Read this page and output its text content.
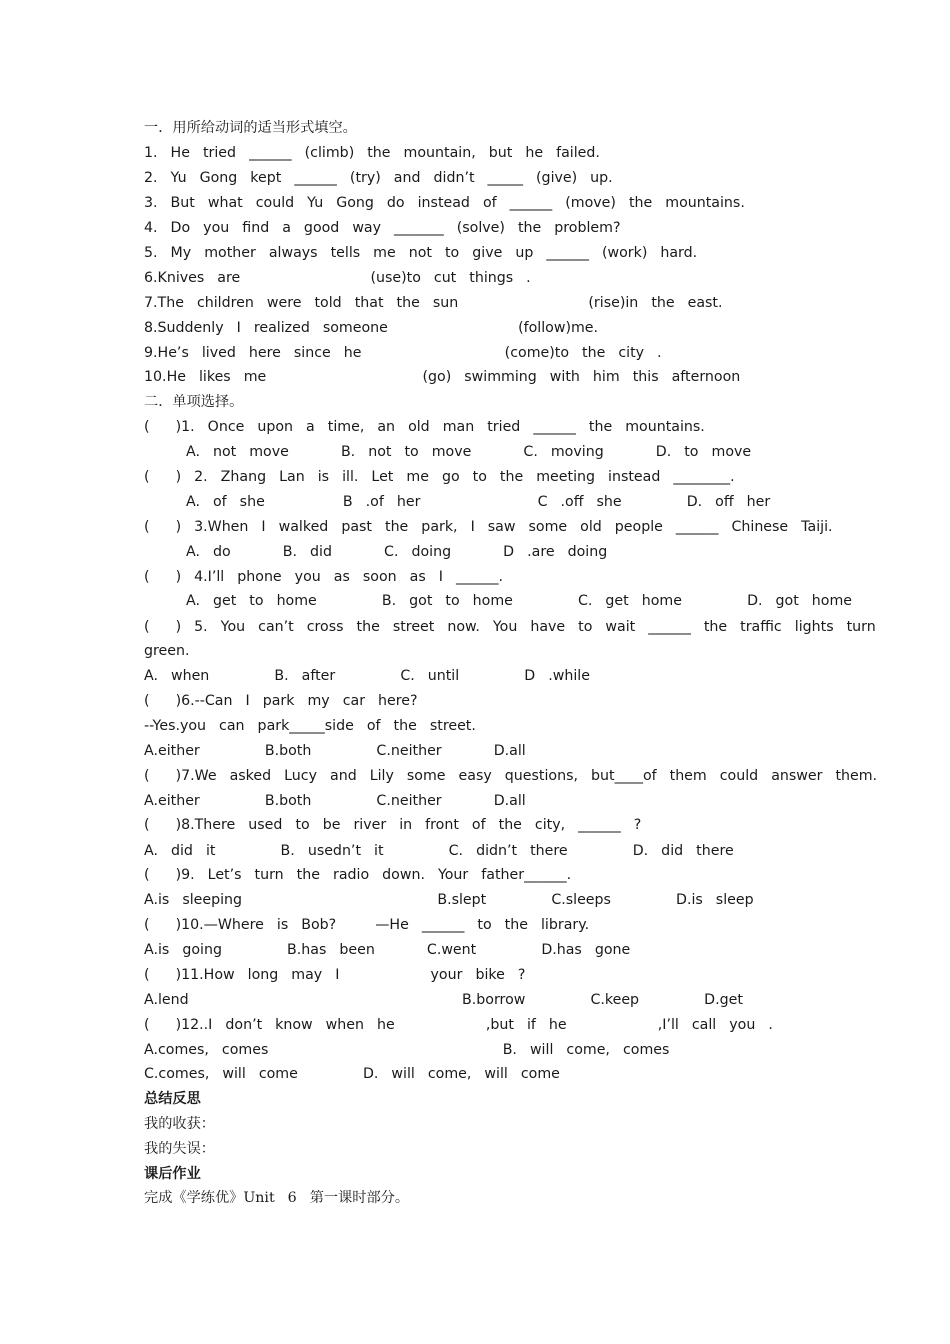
一．用所给动词的适当形式填空。
1.  He  tried  ______  (climb)  the  mountain,  but  he  failed.
2.  Yu  Gong  kept  ______  (try)  and  didn’t  _____  (give)  up.
3.  But  what  could  Yu  Gong  do  instead  of  ______  (move)  the  mountains.
4.  Do  you  find  a  good  way  _______  (solve)  the  problem?
5.  My  mother  always  tells  me  not  to  give  up  ______  (work)  hard.
6.Knives  are                    (use)to  cut  things  .
7.The  children  were  told  that  the  sun                    (rise)in  the  east.
8.Suddenly  I  realized  someone                    (follow)me.
9.He’s  lived  here  since  he                      (come)to  the  city  .
10.He  likes  me                        (go)  swimming  with  him  this  afternoon
二．单项选择。
(    )1.  Once  upon  a  time,  an  old  man  tried  ______  the  mountains.
A.  not  move        B.  not  to  move        C.  moving        D.  to  move
(    )  2.  Zhang  Lan  is  ill.  Let  me  go  to  the  meeting  instead  ________.
A.  of  she            B  .of  her                  C  .off  she          D.  off  her
(    )  3.When  I  walked  past  the  park,  I  saw  some  old  people  ______  Chinese  Taiji.
A.  do        B.  did        C.  doing        D  .are  doing
(    )  4.I’ll  phone  you  as  soon  as  I  ______.
A.  get  to  home          B.  got  to  home          C.  get  home          D.  got  home
(    )  5.  You  can’t  cross  the  street  now.  You  have  to  wait  ______  the  traffic  lights  turn
green.
A.  when          B.  after          C.  until          D  .while
(    )6.--Can  I  park  my  car  here?
--Yes.you  can  park_____side  of  the  street.
A.either          B.both          C.neither        D.all
(    )7.We  asked  Lucy  and  Lily  some  easy  questions,  but____of  them  could  answer  them.
A.either          B.both          C.neither        D.all
(    )8.There  used  to  be  river  in  front  of  the  city,  ______  ?
A.  did  it          B.  usedn’t  it          C.  didn’t  there          D.  did  there
(    )9.  Let’s  turn  the  radio  down.  Your  father______.
A.is  sleeping                              B.slept          C.sleeps          D.is  sleep
(    )10.—Where  is  Bob?      —He  ______  to  the  library.
A.is  going          B.has  been        C.went          D.has  gone
(    )11.How  long  may  I              your  bike  ?
A.lend                                          B.borrow          C.keep          D.get
(    )12..I  don’t  know  when  he              ,but  if  he              ,I’ll  call  you  .
A.comes,  comes                                    B.  will  come,  comes
C.comes,  will  come          D.  will  come,  will  come
总结反思
我的收获：
我的失误：
课后作业
完成《学练优》Unit  6  第一课时部分。
